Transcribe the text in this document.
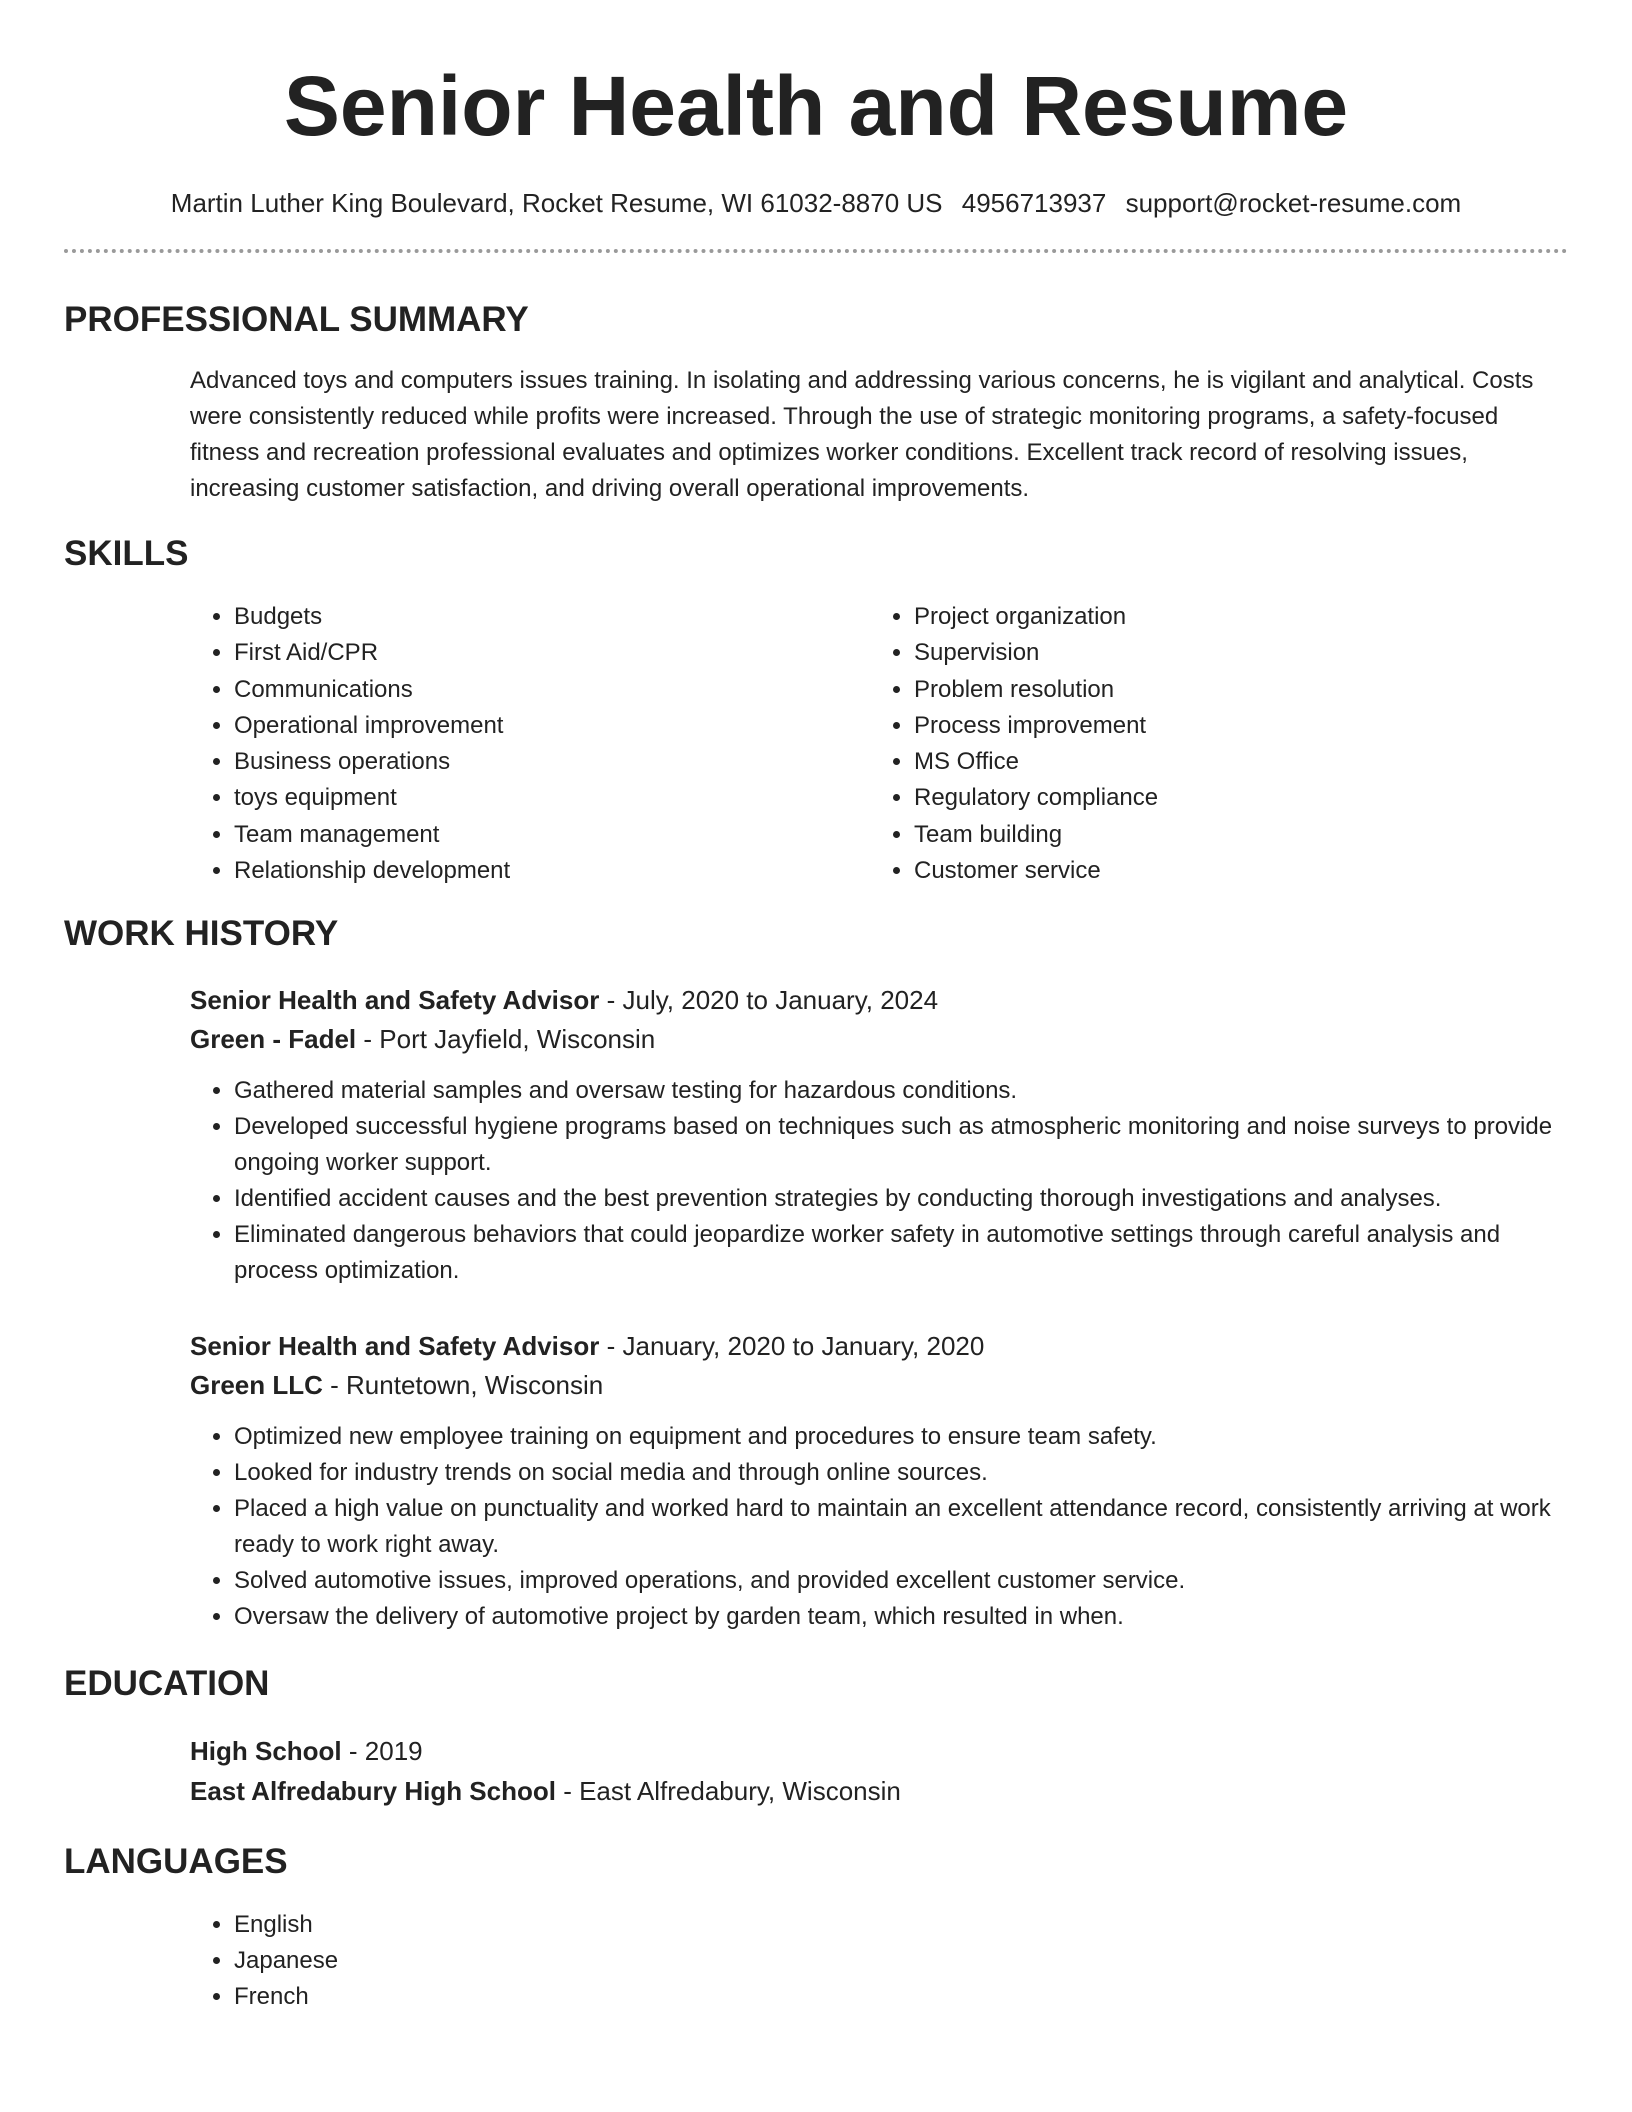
Senior Health and Resume
Martin Luther King Boulevard, Rocket Resume, WI 61032-8870 US 4956713937 support@rocket-resume.com
PROFESSIONAL SUMMARY

Advanced toys and computers issues training. In isolating and addressing various concerns, he is vigilant and analytical. Costs were consistently reduced while profits were increased. Through the use of strategic monitoring programs, a safety-focused fitness and recreation professional evaluates and optimizes worker conditions. Excellent track record of resolving issues, increasing customer satisfaction, and driving overall operational improvements.

SKILLS
• Budgets
• First Aid/CPR
• Communications
• Operational improvement
• Business operations
• toys equipment
• Team management
• Relationship development
• Project organization
• Supervision
• Problem resolution
• Process improvement
• MS Office
• Regulatory compliance
• Team building
• Customer service
WORK HISTORY
Senior Health and Safety Advisor - July, 2020 to January, 2024
Green - Fadel - Port Jayfield, Wisconsin
• Gathered material samples and oversaw testing for hazardous conditions.
• Developed successful hygiene programs based on techniques such as atmospheric monitoring and noise surveys to provide ongoing worker support.
• Identified accident causes and the best prevention strategies by conducting thorough investigations and analyses.
• Eliminated dangerous behaviors that could jeopardize worker safety in automotive settings through careful analysis and process optimization.
Senior Health and Safety Advisor - January, 2020 to January, 2020
Green LLC - Runtetown, Wisconsin
• Optimized new employee training on equipment and procedures to ensure team safety.
• Looked for industry trends on social media and through online sources.
• Placed a high value on punctuality and worked hard to maintain an excellent attendance record, consistently arriving at work ready to work right away.
• Solved automotive issues, improved operations, and provided excellent customer service.
• Oversaw the delivery of automotive project by garden team, which resulted in when.
EDUCATION
High School - 2019
East Alfredabury High School - East Alfredabury, Wisconsin
LANGUAGES
• English
• Japanese
• French
